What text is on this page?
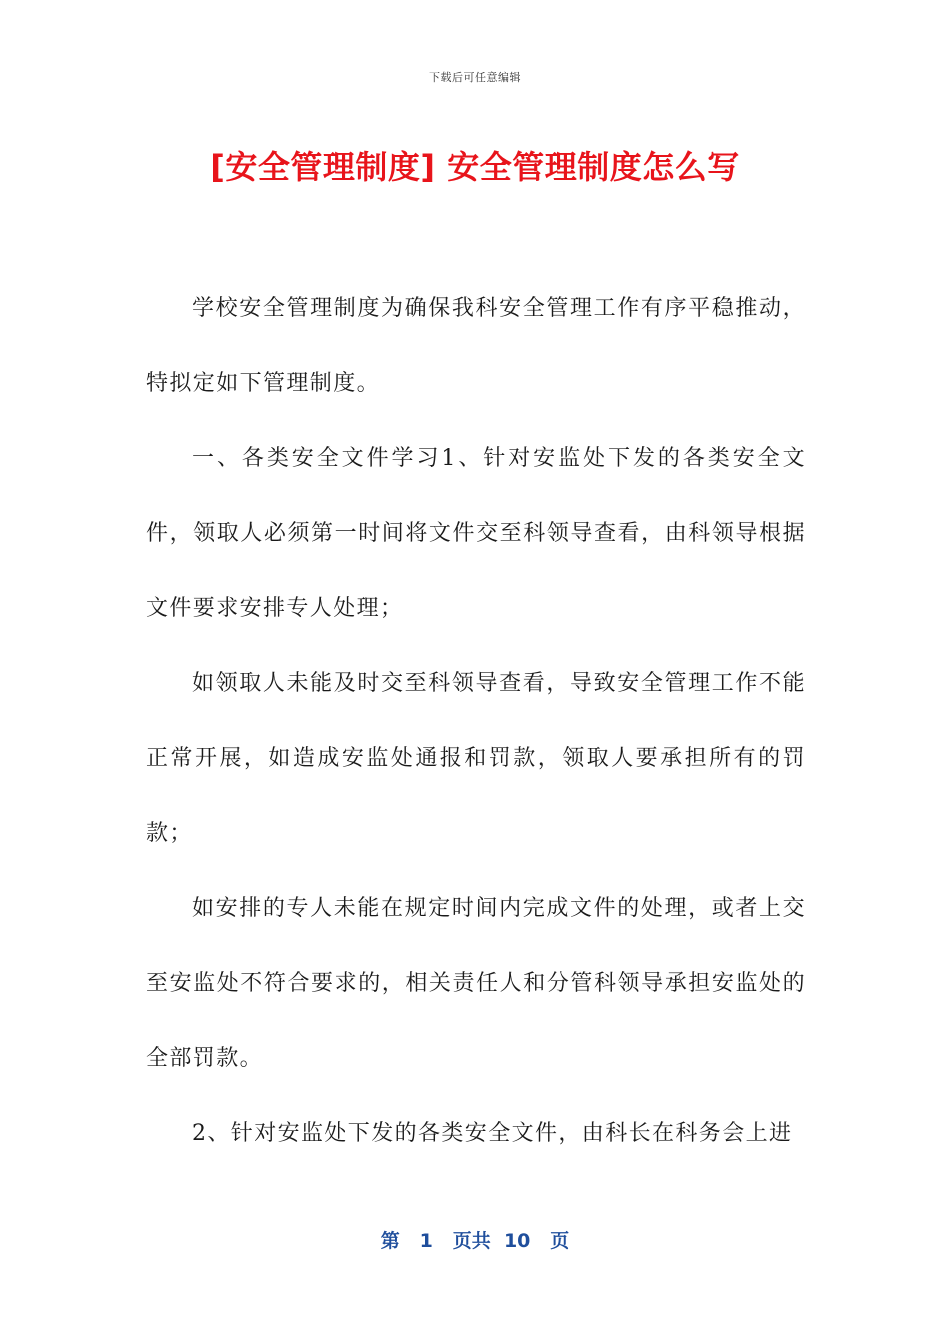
下载后可任意编辑
[安全管理制度] 安全管理制度怎么写

学校安全管理制度为确保我科安全管理工作有序平稳推动，特拟定如下管理制度。

一、各类安全文件学习1、针对安监处下发的各类安全文件，领取人必须第一时间将文件交至科领导查看，由科领导根据文件要求安排专人处理；

如领取人未能及时交至科领导查看，导致安全管理工作不能正常开展，如造成安监处通报和罚款，领取人要承担所有的罚款；

如安排的专人未能在规定时间内完成文件的处理，或者上交至安监处不符合要求的，相关责任人和分管科领导承担安监处的全部罚款。

2、针对安监处下发的各类安全文件，由科长在科务会上进

第 1 页共 10 页
